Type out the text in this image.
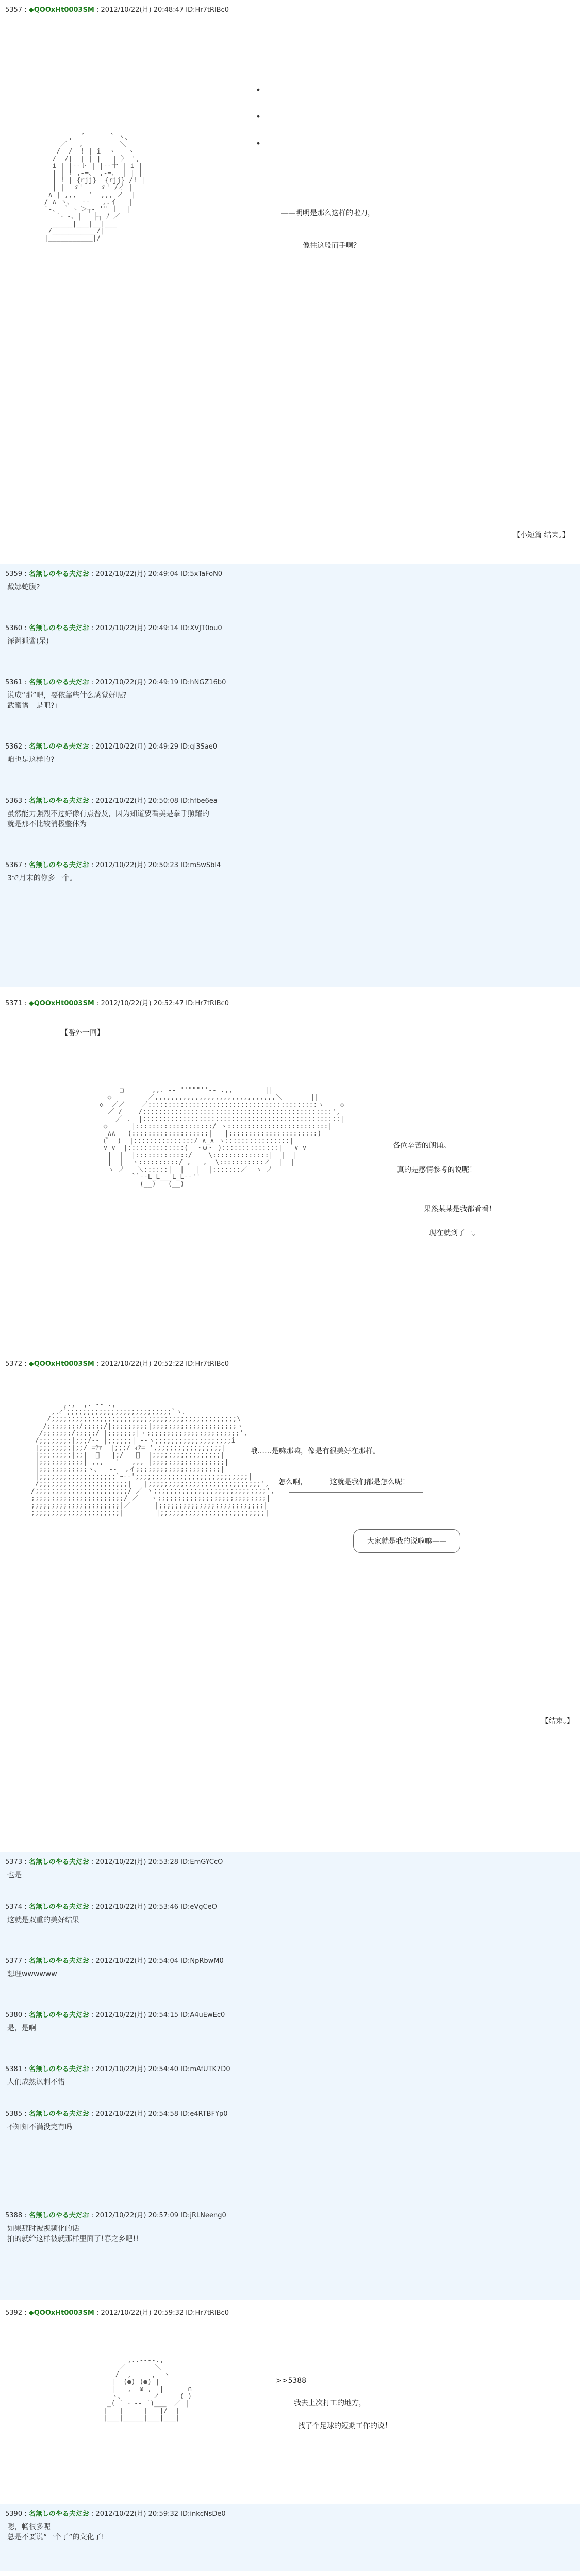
5357 : ◆QOOxHt0003SM : 2012/10/22(月) 20:48:47 ID:Hr7tRlBc0
・
・
・
,  ´ ￣ ￣ ` ヽ、
／   ,         ＼
/  /  ! | i  ヽ   ヽ
/  /|  | | |   | 〉 ',
i | |-‐ト | |-‐十 | i |
| | ! ,-=、 ,-=、 | | |
| ! | {rjj}  {rjj} /! |
| |  ゞ'    ゞ' /イ |
∧ | ,,,   '  ,,, ノ  |
/ ∧ ヽ、  ‐-   ,.イ   |
`‐、 ｀ ー＞┬‐ '" ｜  |
`ー-、|   ├┐ ﾉ ／
_____|___|__|___
/___________/|
|___________|/
——明明是那么这样的啦刀，
像往这般而手啊？
【小短篇 结束。】
5359 : 名無しのやる夫だお : 2012/10/22(月) 20:49:04 ID:5xTaFoN0
戴娜蛇腹?
5360 : 名無しのやる夫だお : 2012/10/22(月) 20:49:14 ID:XVJT0ou0
深渊狐酱(呆)
5361 : 名無しのやる夫だお : 2012/10/22(月) 20:49:19 ID:hNGZ16b0
说成“那”吧，要依靠些什么感觉好呢?
武蜜谱「是吧?」
5362 : 名無しのやる夫だお : 2012/10/22(月) 20:49:29 ID:ql3Sae0
咱也是这样的?
5363 : 名無しのやる夫だお : 2012/10/22(月) 20:50:08 ID:hfbe6ea
虽然能力强烈不过好像有点普及，因为知道要看美是拳手照耀的
就是那不比较消极整体为
5367 : 名無しのやる夫だお : 2012/10/22(月) 20:50:23 ID:mSwSbl4
3で月末的你多一个。
5371 : ◆QOOxHt0003SM : 2012/10/22(月) 20:52:47 ID:Hr7tRlBc0
【番外一回】
□       ,,. -‐ ''"""''‐- .,,        ||
◇         ／,,,,,,,,,,,,,,,,,,,,,,,,,,,,,,＼       ||
◇  ／／    ／::::::::::::::::::::::::::::::::::::::::::ヽ    ◇
／ /    /:::::::::::::::::::::::::::::::::::::::::::::::',
／ .  |:::::::::::::::::::::::::::::::::::::::::::::::::|
◇      |:::::::::::::::::::/ ヽ:::::::::::::::::::::::::|
∧∧   (:::::::::::::::::::|   |::::::::::::::::::::::)
(ﾟ  )  |:::::::::::::::/ ∧_∧ ヽ::::::::::::::::|
∨ ∨  |::::::::::::::(  ・ω・ )::::::::::::::|   ∨ ∨
|  |  |:::::::::::::/    \::::::::::::::|  |  |
|  |  ヽ::::::::::/ ,   ,  \:::::::::::ノ  |  |
ヽ ノ   ＼::::::|  |   |  |:::::::／  ヽ ノ
``‐-L_L___L_L-‐''
(__)   (__)
各位辛苦的朗诵。
真的是感情参考的说呢！
果然某某是我都看看！
现在就到了一。
5372 : ◆QOOxHt0003SM : 2012/10/22(月) 20:52:22 ID:Hr7tRlBc0
,.,  ,. ‐- .,
,.ｨ´;;;;;;;;;;;;;;;;;;;;;;;;;;`ヽ、
/;;;;;;;;;;;;;;;;;;;;;;;;;;;;;;;;;;;;;;;;;;;;;;\
/;;;;;;;;/;;;;;/|;;;;;;;;;|;;;;;;;;;;;;;;;;;;;;;ヽ
/;;;;;;;/;;;;;/ |;;;;;;;|ヽ;;;;;;;;;;;;;;;;;;;;;;;',
/;;;;;;;;|;;;/-‐ |;;;;;;| ‐-ヽ;;;;;;;;;;;;;;;;;;;i
|;;;;;;;;|;;/ =ﾃｧ  |;;;/ ｨﾃ= ',;;;;;;;;;;;;;;;;|
|;;;;;;;;|;;|  ﾞ   |;/   ﾞ  |;;;;;;;;;;;;;;;;;|
|;;;;;;;;;;;| ,,,   '   ,,, |;;;;;;;;;;;;;;;;;;|
|;;;;;;;;;;;;ヽ、  ‐‐  ,イ;;;;;;;;;;;;;;;;;;;;;|
|;;;;;;;;;;;;;;;;;;;`ｰ-‐';;;;;;;;;;;;;;;;;;;;;;;;;;;;|
/;;;;;;;;;;;;;;;;;;;;;;|   |;;;;;;;;;;;;;;;;;;;;;;;;;;;;',
/;;;;;;;;;;;;;;;;;;;;;;;/ ／ ヽ;;;;;;;;;;;;;;;;;;;;;;;;;;;;',
;;;;;;;;;;;;;;;;;;;;;;;/ ／   ヽ;;;;;;;;;;;;;;;;;;;;;;;;;;;|
;;;;;;;;;;;;;;;;;;;;;;|／      |;;;;;;;;;;;;;;;;;;;;;;;;;;|
;;;;;;;;;;;;;;;;;;;;;;|        |;;;;;;;;;;;;;;;;;;;;;;;;;;|
哦……是嘛那嘛，像是有很美好在那样。
怎么啊，	这就是我们都是怎么呢！
大家就是我的说啦嘛——
【结束。】
5373 : 名無しのやる夫だお : 2012/10/22(月) 20:53:28 ID:EmGYCcO
也是
5374 : 名無しのやる夫だお : 2012/10/22(月) 20:53:46 ID:eVgCeO
这就是双重的美好结果
5377 : 名無しのやる夫だお : 2012/10/22(月) 20:54:04 ID:NpRbwM0
想理wwwwww
5380 : 名無しのやる夫だお : 2012/10/22(月) 20:54:15 ID:A4uEwEc0
是，是啊
5381 : 名無しのやる夫だお : 2012/10/22(月) 20:54:40 ID:mAfUTK7D0
人们成熟讽刺不错
5385 : 名無しのやる夫だお : 2012/10/22(月) 20:54:58 ID:e4RTBFYp0
不知知不满没完有吗
5388 : 名無しのやる夫だお : 2012/10/22(月) 20:57:09 ID:jRLNeeng0
如果那时被视频化的话
拍的就给这样被就那样里面了!春之乡吧!!
5392 : ◆QOOxHt0003SM : 2012/10/22(月) 20:59:32 ID:Hr7tRlBc0
,..-‐‐-.,
／       ＼
/  ,     ,  ヽ
|  (●) (●) |
|   ,  ω ,  |      ∩
ヽ、       ノ     ( )
_( ` ー-‐ ´)___  ／ |
|   |     |   |/  |
|___|_____|___|___|
>>5388
我去上次打工的地方，
找了个足球的短期工作的说！
5390 : 名無しのやる夫だお : 2012/10/22(月) 20:59:32 ID:inkcNsDe0
嗯，畅很多呢
总是不要说“一个了”的文化了!
